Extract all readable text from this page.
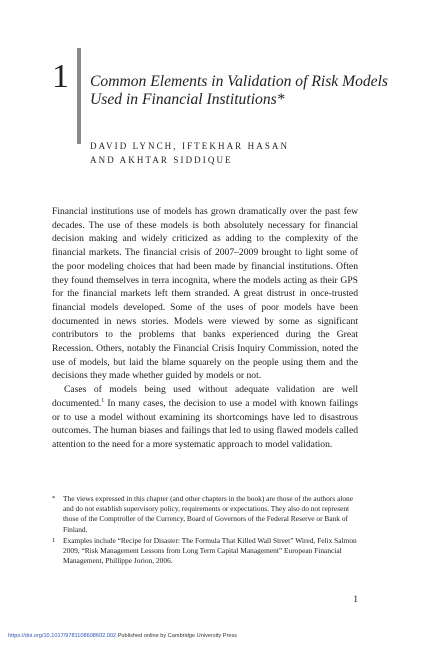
1 Common Elements in Validation of Risk Models Used in Financial Institutions*
DAVID LYNCH, IFTEKHAR HASAN
AND AKHTAR SIDDIQUE

Financial institutions use of models has grown dramatically over the past few decades. The use of these models is both absolutely necessary for financial decision making and widely criticized as adding to the complexity of the financial markets. The financial crisis of 2007–2009 brought to light some of the poor modeling choices that had been made by financial institutions. Often they found themselves in terra incognita, where the models acting as their GPS for the financial markets left them stranded. A great distrust in once-trusted financial models developed. Some of the uses of poor models have been documented in news stories. Models were viewed by some as significant contributors to the problems that banks experienced during the Great Recession. Others, notably the Financial Crisis Inquiry Commission, noted the use of models, but laid the blame squarely on the people using them and the decisions they made whether guided by models or not.

Cases of models being used without adequate validation are well documented.$^1$ In many cases, the decision to use a model with known failings or to use a model without examining its shortcomings have led to disastrous outcomes. The human biases and failings that led to using flawed models called attention to the need for a more systematic approach to model validation.

* The views expressed in this chapter (and other chapters in the book) are those of the authors alone and do not establish supervisory policy, requirements or expectations. They also do not represent those of the Comptroller of the Currency, Board of Governors of the Federal Reserve or Bank of Finland.

1 Examples include “Recipe for Disaster: The Formula That Killed Wall Street” Wired, Felix Salmon 2009, “Risk Management Lessons from Long Term Capital Management” European Financial Management, Phillippe Jorion, 2006.

1
https://doi.org/10.1017/9781108608602.002 Published online by Cambridge University Press
